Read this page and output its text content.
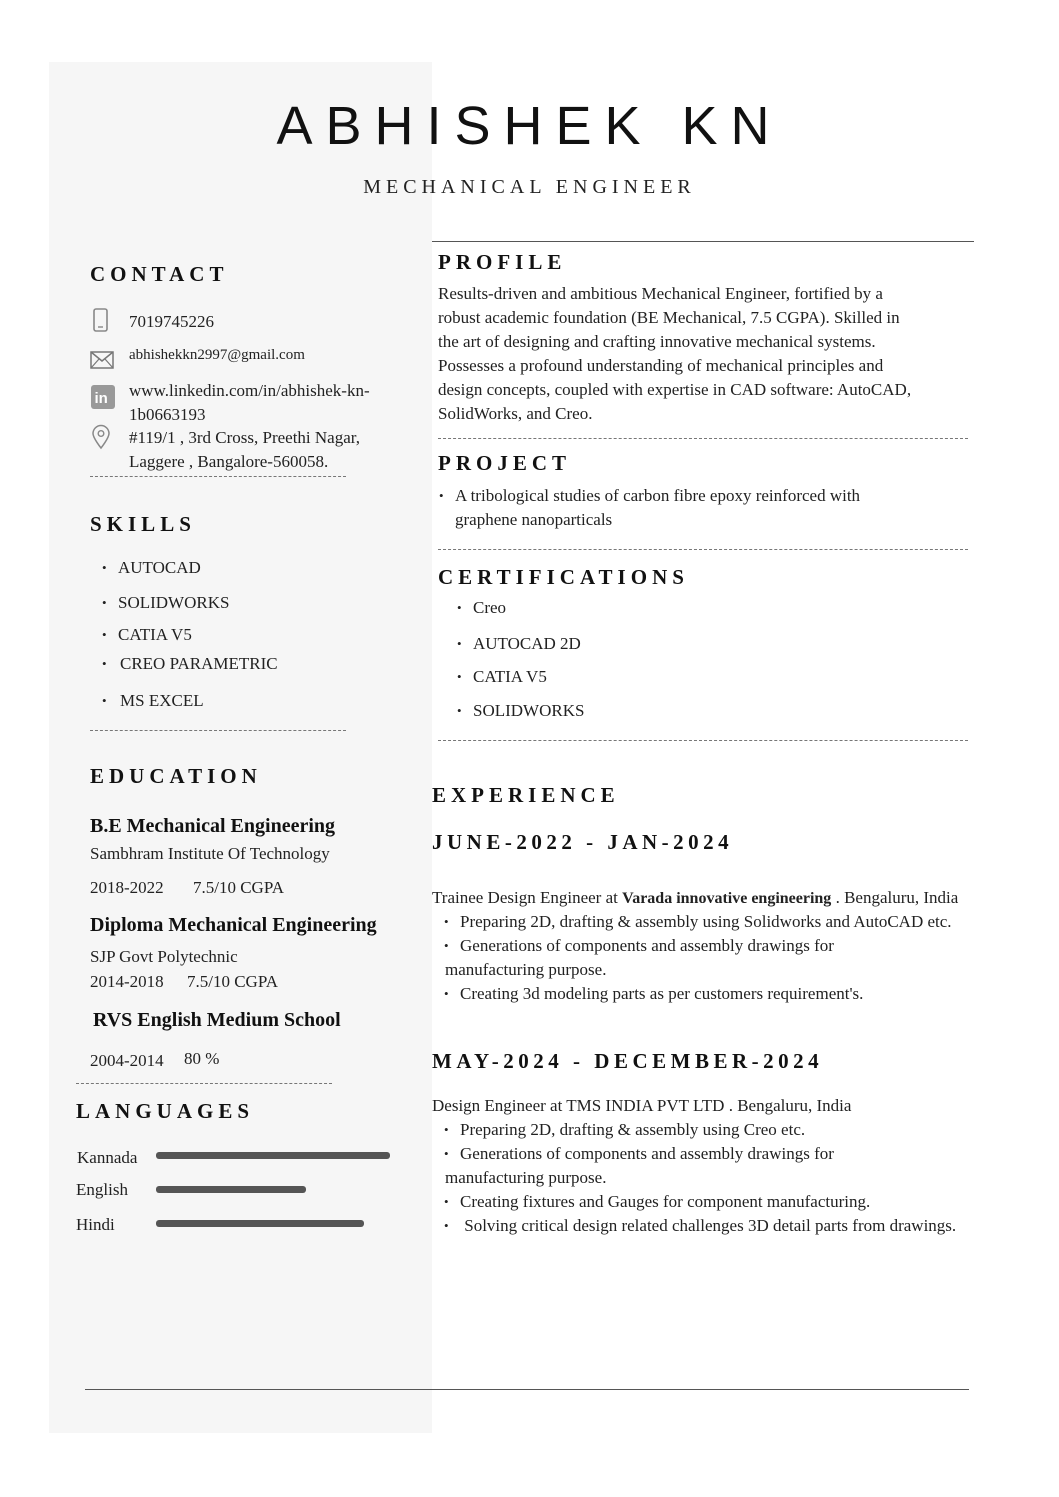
ABHISHEK KN
MECHANICAL ENGINEER
CONTACT
7019745226
abhishekkn2997@gmail.com
in www.linkedin.com/in/abhishek-kn-
1b0663193
#119/1 , 3rd Cross, Preethi Nagar,
Laggere , Bangalore-560058.
SKILLS
• AUTOCAD
• SOLIDWORKS
• CATIA V5
• CREO PARAMETRIC
• MS EXCEL
EDUCATION
B.E Mechanical Engineering
Sambhram Institute Of Technology
2018-2022 7.5/10 CGPA
Diploma Mechanical Engineering
SJP Govt Polytechnic
2014-2018 7.5/10 CGPA
RVS English Medium School
2004-2014 80 %
LANGUAGES
Kannada
English
Hindi
PROFILE
Results-driven and ambitious Mechanical Engineer, fortified by a
robust academic foundation (BE Mechanical, 7.5 CGPA). Skilled in
the art of designing and crafting innovative mechanical systems.
Possesses a profound understanding of mechanical principles and
design concepts, coupled with expertise in CAD software: AutoCAD,
SolidWorks, and Creo.
PROJECT
• A tribological studies of carbon fibre epoxy reinforced with
graphene nanoparticals
CERTIFICATIONS
• Creo
• AUTOCAD 2D
• CATIA V5
• SOLIDWORKS
EXPERIENCE
JUNE-2022 - JAN-2024
Trainee Design Engineer at Varada innovative engineering . Bengaluru, India
• Preparing 2D, drafting & assembly using Solidworks and AutoCAD etc.
• Generations of components and assembly drawings for
manufacturing purpose.
• Creating 3d modeling parts as per customers requirement's.
MAY-2024 - DECEMBER-2024
Design Engineer at TMS INDIA PVT LTD . Bengaluru, India
• Preparing 2D, drafting & assembly using Creo etc.
• Generations of components and assembly drawings for
manufacturing purpose.
• Creating fixtures and Gauges for component manufacturing.
•  Solving critical design related challenges 3D detail parts from drawings.
